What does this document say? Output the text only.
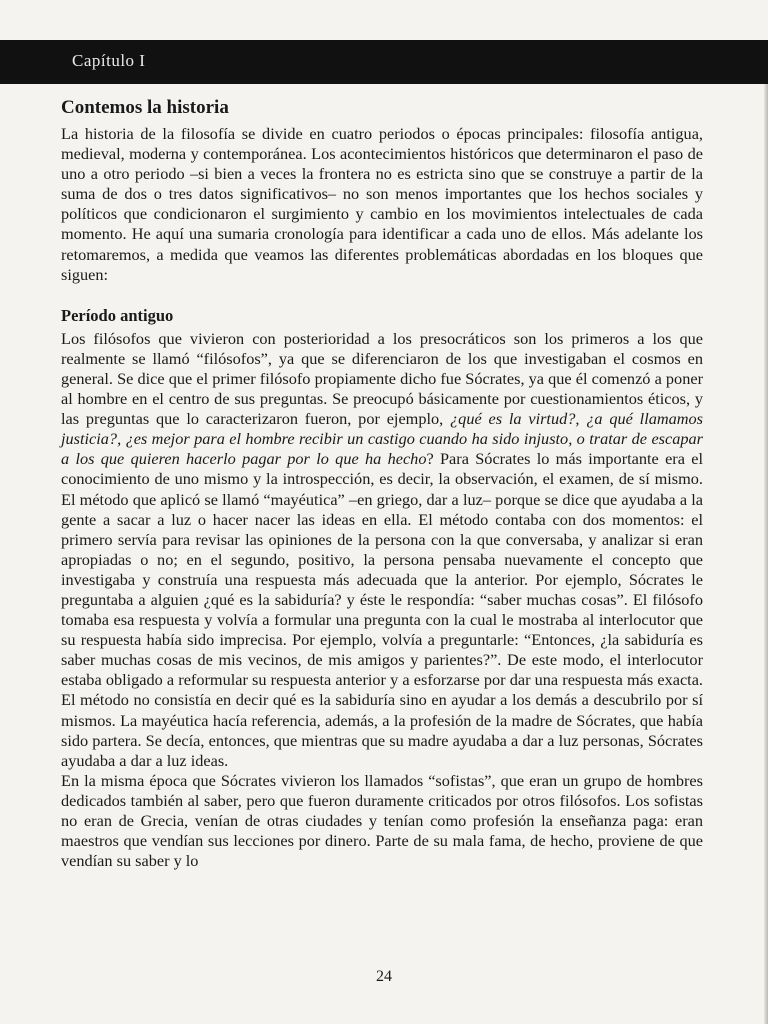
Capítulo I
Contemos la historia

La historia de la filosofía se divide en cuatro periodos o épocas principales: filosofía antigua, medieval, moderna y contemporánea. Los acontecimientos históricos que determinaron el paso de uno a otro periodo –si bien a veces la frontera no es estricta sino que se construye a partir de la suma de dos o tres datos significativos– no son menos importantes que los hechos sociales y políticos que condicionaron el surgimiento y cambio en los movimientos intelectuales de cada momento. He aquí una sumaria cronología para identificar a cada uno de ellos. Más adelante los retomaremos, a medida que veamos las diferentes problemáticas abordadas en los bloques que siguen:

Período antiguo

Los filósofos que vivieron con posterioridad a los presocráticos son los primeros a los que realmente se llamó “filósofos”, ya que se diferenciaron de los que investigaban el cosmos en general. Se dice que el primer filósofo propiamente dicho fue Sócrates, ya que él comenzó a poner al hombre en el centro de sus preguntas. Se preocupó básicamente por cuestionamientos éticos, y las preguntas que lo caracterizaron fueron, por ejemplo, ¿qué es la virtud?, ¿a qué llamamos justicia?, ¿es mejor para el hombre recibir un castigo cuando ha sido injusto, o tratar de escapar a los que quieren hacerlo pagar por lo que ha hecho? Para Sócrates lo más importante era el conocimiento de uno mismo y la introspección, es decir, la observación, el examen, de sí mismo. El método que aplicó se llamó “mayéutica” –en griego, dar a luz– porque se dice que ayudaba a la gente a sacar a luz o hacer nacer las ideas en ella. El método contaba con dos momentos: el primero servía para revisar las opiniones de la persona con la que conversaba, y analizar si eran apropiadas o no; en el segundo, positivo, la persona pensaba nuevamente el concepto que investigaba y construía una respuesta más adecuada que la anterior. Por ejemplo, Sócrates le preguntaba a alguien ¿qué es la sabiduría? y éste le respondía: “saber muchas cosas”. El filósofo tomaba esa respuesta y volvía a formular una pregunta con la cual le mostraba al interlocutor que su respuesta había sido imprecisa. Por ejemplo, volvía a preguntarle: “Entonces, ¿la sabiduría es saber muchas cosas de mis vecinos, de mis amigos y parientes?”. De este modo, el interlocutor estaba obligado a reformular su respuesta anterior y a esforzarse por dar una respuesta más exacta. El método no consistía en decir qué es la sabiduría sino en ayudar a los demás a descubrilo por sí mismos. La mayéutica hacía referencia, además, a la profesión de la madre de Sócrates, que había sido partera. Se decía, entonces, que mientras que su madre ayudaba a dar a luz personas, Sócrates ayudaba a dar a luz ideas.

En la misma época que Sócrates vivieron los llamados “sofistas”, que eran un grupo de hombres dedicados también al saber, pero que fueron duramente criticados por otros filósofos. Los sofistas no eran de Grecia, venían de otras ciudades y tenían como profesión la enseñanza paga: eran maestros que vendían sus lecciones por dinero. Parte de su mala fama, de hecho, proviene de que vendían su saber y lo

24
